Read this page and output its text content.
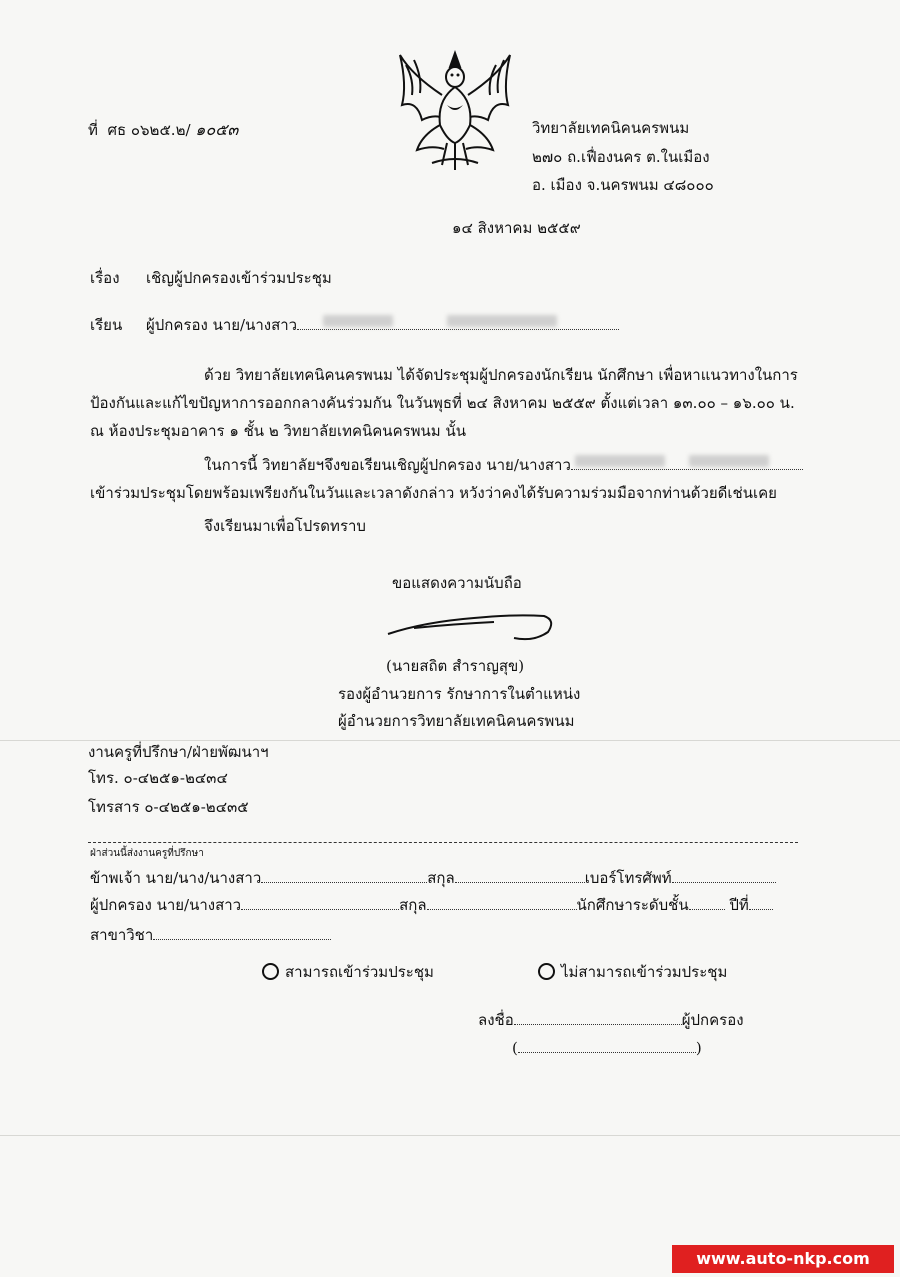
ที่ ศธ ๐๖๒๕.๒/ ๑๐๕๓	วิทยาลัยเทคนิคนครพนม
๒๗๐ ถ.เฟื่องนคร ต.ในเมือง
อ. เมือง จ.นครพนม ๔๘๐๐๐
๑๔ สิงหาคม ๒๕๕๙
เรื่อง เชิญผู้ปกครองเข้าร่วมประชุม
เรียน ผู้ปกครอง นาย/นางสาว
ด้วย วิทยาลัยเทคนิคนครพนม ได้จัดประชุมผู้ปกครองนักเรียน นักศึกษา เพื่อหาแนวทางในการ
ป้องกันและแก้ไขปัญหาการออกกลางคันร่วมกัน ในวันพุธที่ ๒๔ สิงหาคม ๒๕๕๙ ตั้งแต่เวลา ๑๓.๐๐ – ๑๖.๐๐ น.
ณ ห้องประชุมอาคาร ๑ ชั้น ๒ วิทยาลัยเทคนิคนครพนม นั้น
ในการนี้ วิทยาลัยฯจึงขอเรียนเชิญผู้ปกครอง นาย/นางสาว
เข้าร่วมประชุมโดยพร้อมเพรียงกันในวันและเวลาดังกล่าว หวังว่าคงได้รับความร่วมมือจากท่านด้วยดีเช่นเคย
จึงเรียนมาเพื่อโปรดทราบ
ขอแสดงความนับถือ
(นายสถิต สำราญสุข)
รองผู้อำนวยการ รักษาการในตำแหน่ง
ผู้อำนวยการวิทยาลัยเทคนิคนครพนม
งานครูที่ปรึกษา/ฝ่ายพัฒนาฯ
โทร. ๐-๔๒๕๑-๒๔๓๔
โทรสาร ๐-๔๒๕๑-๒๔๓๕
ฝ่าส่วนนี้ส่งงานครูที่ปรึกษา
ข้าพเจ้า นาย/นาง/นางสาว	สกุล	เบอร์โทรศัพท์
ผู้ปกครอง นาย/นางสาว	สกุล	นักศึกษาระดับชั้น	ปีที่
สาขาวิชา
สามารถเข้าร่วมประชุม	ไม่สามารถเข้าร่วมประชุม
ลงชื่อ	ผู้ปกครอง
(	)
www.auto-nkp.com
